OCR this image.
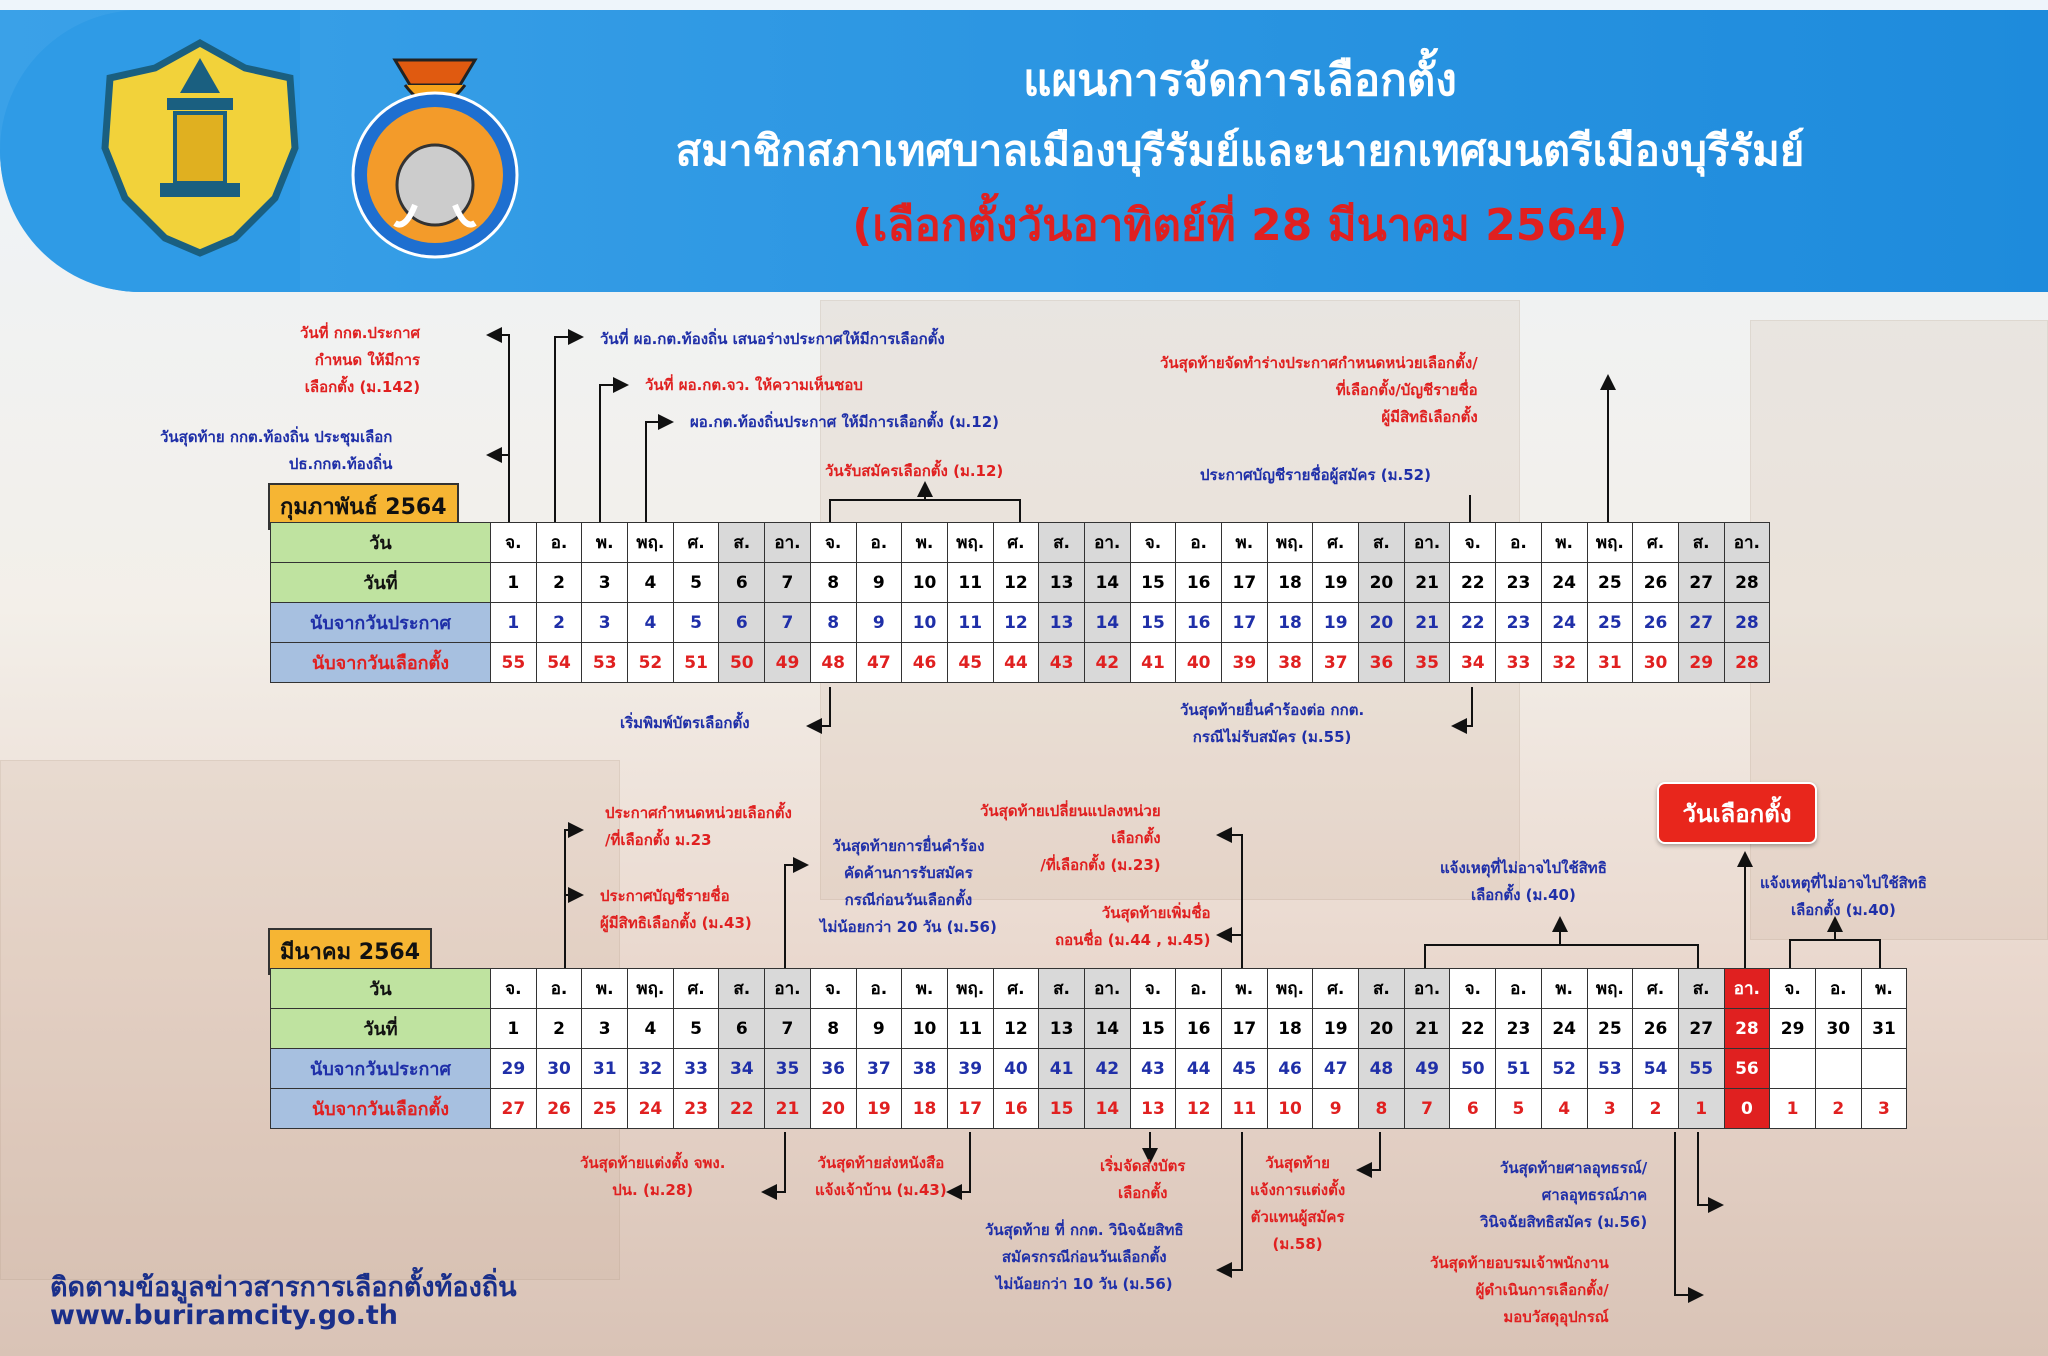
แผนการจัดการเลือกตั้ง
สมาชิกสภาเทศบาลเมืองบุรีรัมย์และนายกเทศมนตรีเมืองบุรีรัมย์
(เลือกตั้งวันอาทิตย์ที่ 28 มีนาคม 2564)
วันที่ กกต.ประกาศ
กำหนด ให้มีการ
เลือกตั้ง (ม.142)
วันสุดท้าย กกต.ท้องถิ่น ประชุมเลือก
ปธ.กกต.ท้องถิ่น
วันที่ ผอ.กต.ท้องถิ่น เสนอร่างประกาศให้มีการเลือกตั้ง
วันที่ ผอ.กต.จว. ให้ความเห็นชอบ
ผอ.กต.ท้องถิ่นประกาศ ให้มีการเลือกตั้ง (ม.12)
วันรับสมัครเลือกตั้ง (ม.12)
วันสุดท้ายจัดทำร่างประกาศกำหนดหน่วยเลือกตั้ง/
ที่เลือกตั้ง/บัญชีรายชื่อ
ผู้มีสิทธิเลือกตั้ง
ประกาศบัญชีรายชื่อผู้สมัคร (ม.52)
เริ่มพิมพ์บัตรเลือกตั้ง
วันสุดท้ายยื่นคำร้องต่อ กกต.
กรณีไม่รับสมัคร (ม.55)
ประกาศกำหนดหน่วยเลือกตั้ง
/ที่เลือกตั้ง ม.23
ประกาศบัญชีรายชื่อ
ผู้มีสิทธิเลือกตั้ง (ม.43)
วันสุดท้ายการยื่นคำร้อง
คัดค้านการรับสมัคร
กรณีก่อนวันเลือกตั้ง
ไม่น้อยกว่า 20 วัน (ม.56)
วันสุดท้ายเปลี่ยนแปลงหน่วย
เลือกตั้ง
/ที่เลือกตั้ง (ม.23)
วันสุดท้ายเพิ่มชื่อ
ถอนชื่อ (ม.44 , ม.45)
แจ้งเหตุที่ไม่อาจไปใช้สิทธิ
เลือกตั้ง (ม.40)
แจ้งเหตุที่ไม่อาจไปใช้สิทธิ
เลือกตั้ง (ม.40)
วันสุดท้ายแต่งตั้ง จพง.
ปน. (ม.28)
วันสุดท้ายส่งหนังสือ
แจ้งเจ้าบ้าน (ม.43)
เริ่มจัดส่งบัตร
เลือกตั้ง
วันสุดท้าย ที่ กกต. วินิจฉัยสิทธิ
สมัครกรณีก่อนวันเลือกตั้ง
ไม่น้อยกว่า 10 วัน (ม.56)
วันสุดท้าย
แจ้งการแต่งตั้ง
ตัวแทนผู้สมัคร
(ม.58)
วันสุดท้ายศาลอุทธรณ์/
ศาลอุทธรณ์ภาค
วินิจฉัยสิทธิสมัคร (ม.56)
วันสุดท้ายอบรมเจ้าพนักงาน
ผู้ดำเนินการเลือกตั้ง/
มอบวัสดุอุปกรณ์
กุมภาพันธ์ 2564
วัน	จ.	อ.	พ.	พฤ.	ศ.	ส.	อา.	จ.	อ.	พ.	พฤ.	ศ.	ส.	อา.	จ.	อ.	พ.	พฤ.	ศ.	ส.	อา.	จ.	อ.	พ.	พฤ.	ศ.	ส.	อา.
วันที่	1	2	3	4	5	6	7	8	9	10	11	12	13	14	15	16	17	18	19	20	21	22	23	24	25	26	27	28
นับจากวันประกาศ	1	2	3	4	5	6	7	8	9	10	11	12	13	14	15	16	17	18	19	20	21	22	23	24	25	26	27	28
นับจากวันเลือกตั้ง	55	54	53	52	51	50	49	48	47	46	45	44	43	42	41	40	39	38	37	36	35	34	33	32	31	30	29	28
มีนาคม 2564
วัน	จ.	อ.	พ.	พฤ.	ศ.	ส.	อา.	จ.	อ.	พ.	พฤ.	ศ.	ส.	อา.	จ.	อ.	พ.	พฤ.	ศ.	ส.	อา.	จ.	อ.	พ.	พฤ.	ศ.	ส.	อา.	จ.	อ.	พ.
วันที่	1	2	3	4	5	6	7	8	9	10	11	12	13	14	15	16	17	18	19	20	21	22	23	24	25	26	27	28	29	30	31
นับจากวันประกาศ	29	30	31	32	33	34	35	36	37	38	39	40	41	42	43	44	45	46	47	48	49	50	51	52	53	54	55	56			
นับจากวันเลือกตั้ง	27	26	25	24	23	22	21	20	19	18	17	16	15	14	13	12	11	10	9	8	7	6	5	4	3	2	1	0	1	2	3
วันเลือกตั้ง
ติดตามข้อมูลข่าวสารการเลือกตั้งท้องถิ่น
www.buriramcity.go.th
